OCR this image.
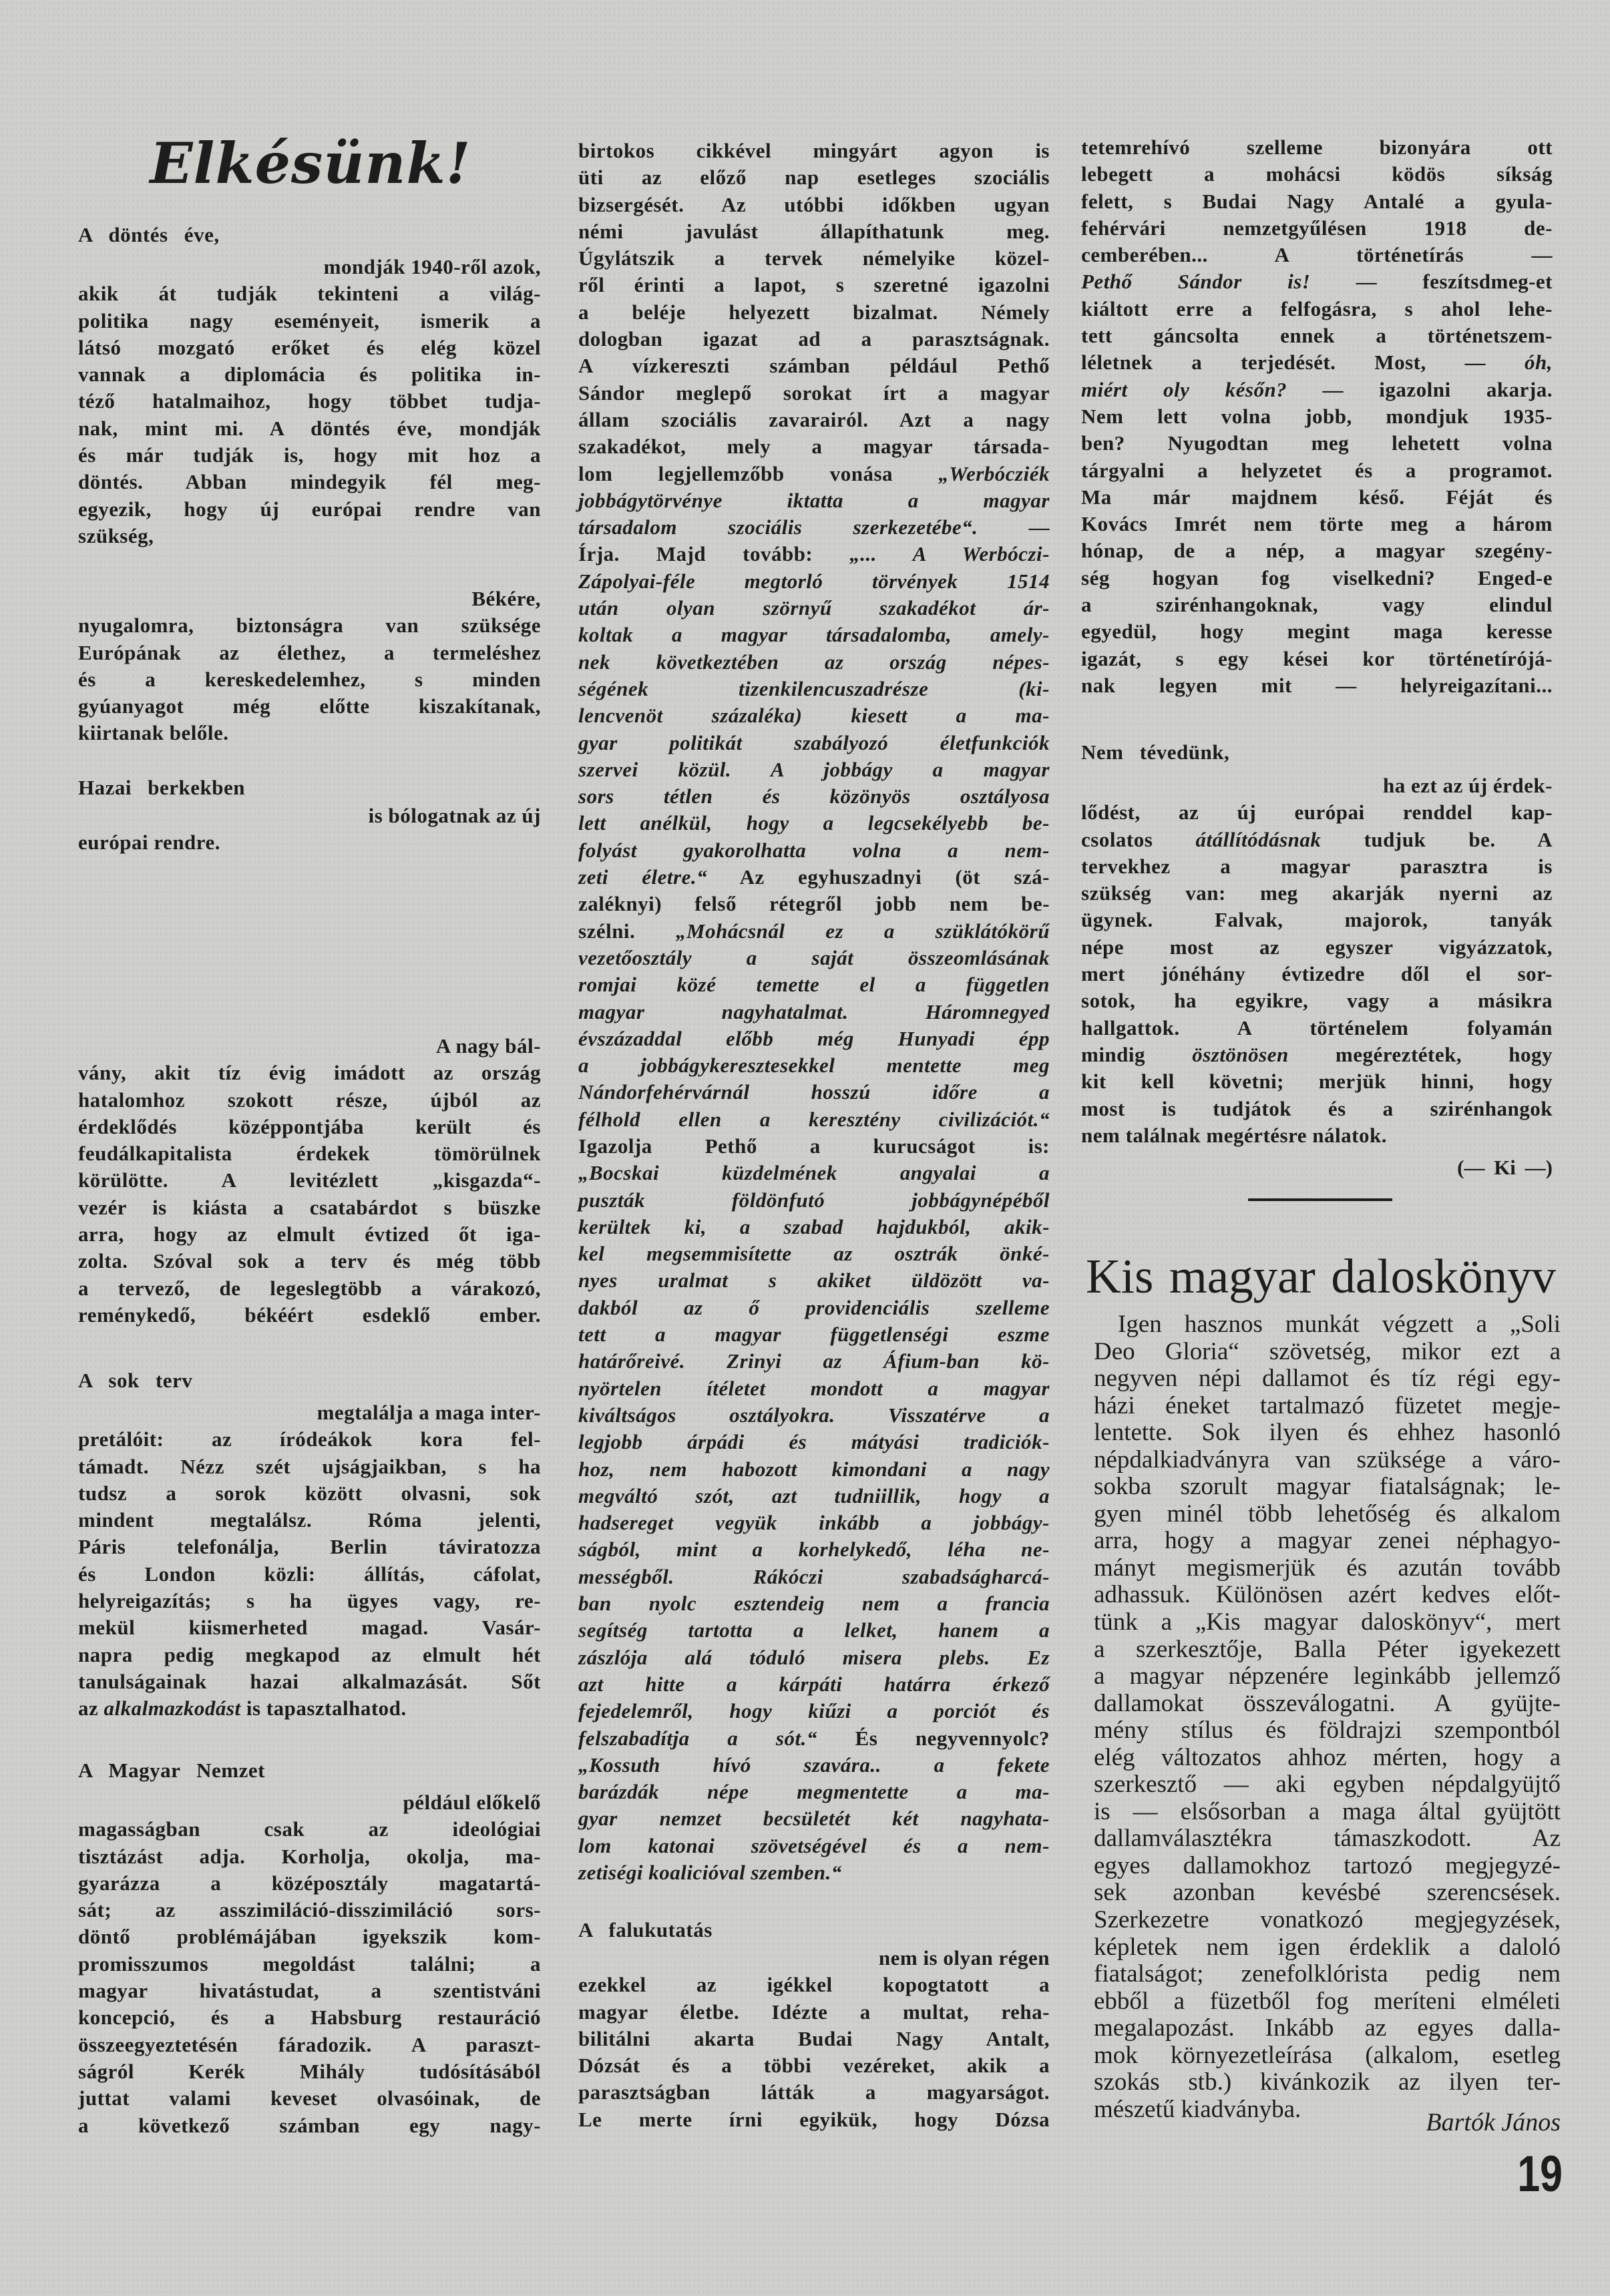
Elkésünk!
A döntés éve,
mondják 1940-ről azok,
akik át tudják tekinteni a világ-
politika nagy eseményeit, ismerik a
látsó mozgató erőket és elég közel
vannak a diplomácia és politika in-
téző hatalmaihoz, hogy többet tudja-
nak, mint mi. A döntés éve, mondják
és már tudják is, hogy mit hoz a
döntés. Abban mindegyik fél meg-
egyezik, hogy új európai rendre van
szükség,
Békére,
nyugalomra, biztonságra van szüksége
Európának az élethez, a termeléshez
és a kereskedelemhez, s minden
gyúanyagot még előtte kiszakítanak,
kiirtanak belőle.
Hazai berkekben
is bólogatnak az új
európai rendre.
A nagy bál-
vány, akit tíz évig imádott az ország
hatalomhoz szokott része, újból az
érdeklődés középpontjába került és
feudálkapitalista érdekek tömörülnek
körülötte. A levitézlett „kisgazda“-
vezér is kiásta a csatabárdot s büszke
arra, hogy az elmult évtized őt iga-
zolta. Szóval sok a terv és még több
a tervező, de legeslegtöbb a várakozó,
reménykedő, békéért esdeklő ember.
A sok terv
megtalálja a maga inter-
pretálóit: az íródeákok kora fel-
támadt. Nézz szét ujságjaikban, s ha
tudsz a sorok között olvasni, sok
mindent megtalálsz. Róma jelenti,
Páris telefonálja, Berlin táviratozza
és London közli: állítás, cáfolat,
helyreigazítás; s ha ügyes vagy, re-
mekül kiismerheted magad. Vasár-
napra pedig megkapod az elmult hét
tanulságainak hazai alkalmazását. Sőt
az alkalmazkodást is tapasztalhatod.
A Magyar Nemzet
például előkelő
magasságban csak az ideológiai
tisztázást adja. Korholja, okolja, ma-
gyarázza a középosztály magatartá-
sát; az asszimiláció-disszimiláció sors-
döntő problémájában igyekszik kom-
promisszumos megoldást találni; a
magyar hivatástudat, a szentistváni
koncepció, és a Habsburg restauráció
összeegyeztetésén fáradozik. A paraszt-
ságról Kerék Mihály tudósításából
juttat valami keveset olvasóinak, de
a következő számban egy nagy-
birtokos cikkével mingyárt agyon is
üti az előző nap esetleges szociális
bizsergését. Az utóbbi időkben ugyan
némi javulást állapíthatunk meg.
Úgylátszik a tervek némelyike közel-
ről érinti a lapot, s szeretné igazolni
a beléje helyezett bizalmat. Némely
dologban igazat ad a parasztságnak.
A vízkereszti számban például Pethő
Sándor meglepő sorokat írt a magyar
állam szociális zavarairól. Azt a nagy
szakadékot, mely a magyar társada-
lom legjellemzőbb vonása „Werbócziék
jobbágytörvénye iktatta a magyar
társadalom szociális szerkezetébe“. —
Írja. Majd tovább: „... A Werbóczi-
Zápolyai-féle megtorló törvények 1514
után olyan szörnyű szakadékot ár-
koltak a magyar társadalomba, amely-
nek következtében az ország népes-
ségének tizenkilencuszadrésze (ki-
lencvenöt százaléka) kiesett a ma-
gyar politikát szabályozó életfunkciók
szervei közül. A jobbágy a magyar
sors tétlen és közönyös osztályosa
lett anélkül, hogy a legcsekélyebb be-
folyást gyakorolhatta volna a nem-
zeti életre.“ Az egyhuszadnyi (öt szá-
zaléknyi) felső rétegről jobb nem be-
szélni. „Mohácsnál ez a szüklátókörű
vezetőosztály a saját összeomlásának
romjai közé temette el a független
magyar nagyhatalmat. Háromnegyed
évszázaddal előbb még Hunyadi épp
a jobbágykeresztesekkel mentette meg
Nándorfehérvárnál hosszú időre a
félhold ellen a keresztény civilizációt.“
Igazolja Pethő a kurucságot is:
„Bocskai küzdelmének angyalai a
puszták földönfutó jobbágynépéből
kerültek ki, a szabad hajdukból, akik-
kel megsemmisítette az osztrák önké-
nyes uralmat s akiket üldözött va-
dakból az ő providenciális szelleme
tett a magyar függetlenségi eszme
határőreivé. Zrinyi az Áfium-ban kö-
nyörtelen ítéletet mondott a magyar
kiváltságos osztályokra. Visszatérve a
legjobb árpádi és mátyási tradiciók-
hoz, nem habozott kimondani a nagy
megváltó szót, azt tudniillik, hogy a
hadsereget vegyük inkább a jobbágy-
ságból, mint a korhelykedő, léha ne-
mességből. Rákóczi szabadságharcá-
ban nyolc esztendeig nem a francia
segítség tartotta a lelket, hanem a
zászlója alá tóduló misera plebs. Ez
azt hitte a kárpáti határra érkező
fejedelemről, hogy kiűzi a porciót és
felszabadítja a sót.“ És negyvennyolc?
„Kossuth hívó szavára.. a fekete
barázdák népe megmentette a ma-
gyar nemzet becsületét két nagyhata-
lom katonai szövetségével és a nem-
zetiségi koalicióval szemben.“
A falukutatás
nem is olyan régen
ezekkel az igékkel kopogtatott a
magyar életbe. Idézte a multat, reha-
bilitálni akarta Budai Nagy Antalt,
Dózsát és a többi vezéreket, akik a
parasztságban látták a magyarságot.
Le merte írni egyikük, hogy Dózsa
tetemrehívó szelleme bizonyára ott
lebegett a mohácsi ködös síkság
felett, s Budai Nagy Antalé a gyula-
fehérvári nemzetgyűlésen 1918 de-
cemberében... A történetírás —
Pethő Sándor is! — feszítsdmeg-et
kiáltott erre a felfogásra, s ahol lehe-
tett gáncsolta ennek a történetszem-
léletnek a terjedését. Most, — óh,
miért oly későn? — igazolni akarja.
Nem lett volna jobb, mondjuk 1935-
ben? Nyugodtan meg lehetett volna
tárgyalni a helyzetet és a programot.
Ma már majdnem késő. Féját és
Kovács Imrét nem törte meg a három
hónap, de a nép, a magyar szegény-
ség hogyan fog viselkedni? Enged-e
a szirénhangoknak, vagy elindul
egyedül, hogy megint maga keresse
igazát, s egy kései kor történetírójá-
nak legyen mit — helyreigazítani...
Nem tévedünk,
ha ezt az új érdek-
lődést, az új európai renddel kap-
csolatos átállítódásnak tudjuk be. A
tervekhez a magyar parasztra is
szükség van: meg akarják nyerni az
ügynek. Falvak, majorok, tanyák
népe most az egyszer vigyázzatok,
mert jónéhány évtizedre dől el sor-
sotok, ha egyikre, vagy a másikra
hallgattok. A történelem folyamán
mindig ösztönösen megéreztétek, hogy
kit kell követni; merjük hinni, hogy
most is tudjátok és a szirénhangok
nem találnak megértésre nálatok.
(— Ki —)
Kis magyar daloskönyv
Igen hasznos munkát végzett a „Soli
Deo Gloria“ szövetség, mikor ezt a
negyven népi dallamot és tíz régi egy-
házi éneket tartalmazó füzetet megje-
lentette. Sok ilyen és ehhez hasonló
népdalkiadványra van szüksége a váro-
sokba szorult magyar fiatalságnak; le-
gyen minél több lehetőség és alkalom
arra, hogy a magyar zenei néphagyo-
mányt megismerjük és azután tovább
adhassuk. Különösen azért kedves előt-
tünk a „Kis magyar daloskönyv“, mert
a szerkesztője, Balla Péter igyekezett
a magyar népzenére leginkább jellemző
dallamokat összeválogatni. A gyüjte-
mény stílus és földrajzi szempontból
elég változatos ahhoz mérten, hogy a
szerkesztő — aki egyben népdalgyüjtő
is — elsősorban a maga által gyüjtött
dallamválasztékra támaszkodott. Az
egyes dallamokhoz tartozó megjegyzé-
sek azonban kevésbé szerencsések.
Szerkezetre vonatkozó megjegyzések,
képletek nem igen érdeklik a daloló
fiatalságot; zenefolklórista pedig nem
ebből a füzetből fog meríteni elméleti
megalapozást. Inkább az egyes dalla-
mok környezetleírása (alkalom, esetleg
szokás stb.) kivánkozik az ilyen ter-
mészetű kiadványba.	Bartók János
19
